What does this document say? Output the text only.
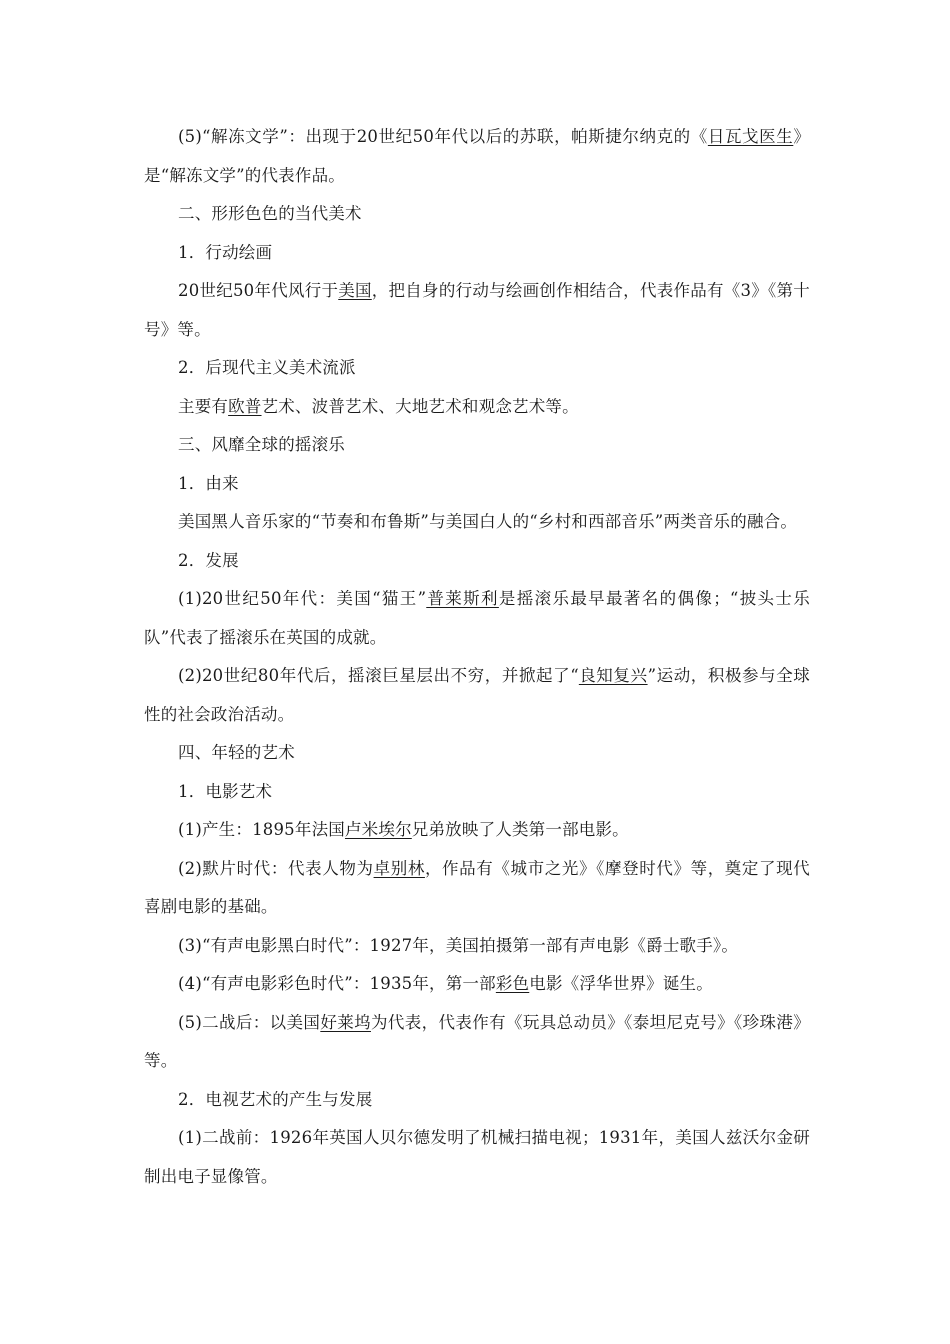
(5)“解冻文学”：出现于20世纪50年代以后的苏联，帕斯捷尔纳克的《日瓦戈医生》是“解冻文学”的代表作品。

二、形形色色的当代美术

1．行动绘画

20世纪50年代风行于美国，把自身的行动与绘画创作相结合，代表作品有《3》《第十号》等。

2．后现代主义美术流派

主要有欧普艺术、波普艺术、大地艺术和观念艺术等。

三、风靡全球的摇滚乐

1．由来

美国黑人音乐家的“节奏和布鲁斯”与美国白人的“乡村和西部音乐”两类音乐的融合。

2．发展

(1)20世纪50年代：美国“猫王”普莱斯利是摇滚乐最早最著名的偶像；“披头士乐队”代表了摇滚乐在英国的成就。

(2)20世纪80年代后，摇滚巨星层出不穷，并掀起了“良知复兴”运动，积极参与全球性的社会政治活动。

四、年轻的艺术

1．电影艺术

(1)产生：1895年法国卢米埃尔兄弟放映了人类第一部电影。

(2)默片时代：代表人物为卓别林，作品有《城市之光》《摩登时代》等，奠定了现代喜剧电影的基础。

(3)“有声电影黑白时代”：1927年，美国拍摄第一部有声电影《爵士歌手》。

(4)“有声电影彩色时代”：1935年，第一部彩色电影《浮华世界》诞生。

(5)二战后：以美国好莱坞为代表，代表作有《玩具总动员》《泰坦尼克号》《珍珠港》等。

2．电视艺术的产生与发展

(1)二战前：1926年英国人贝尔德发明了机械扫描电视；1931年，美国人兹沃尔金研制出电子显像管。
